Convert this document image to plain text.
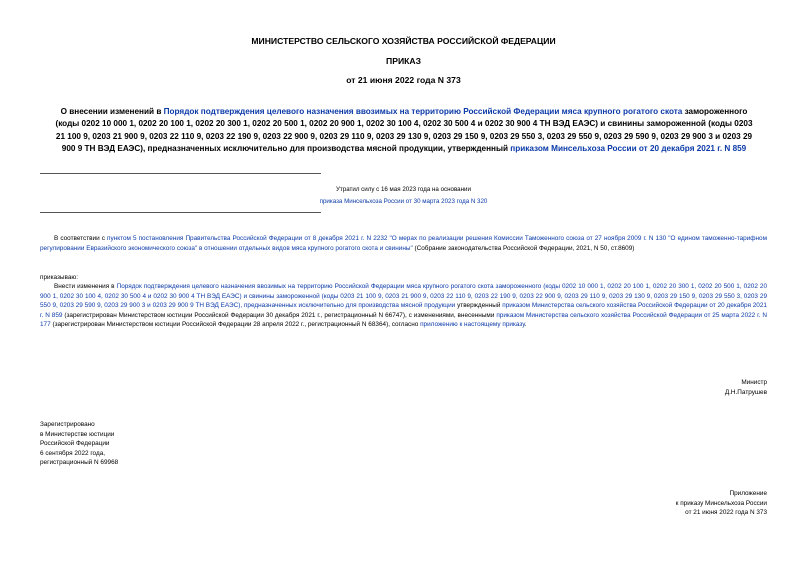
МИНИСТЕРСТВО СЕЛЬСКОГО ХОЗЯЙСТВА РОССИЙСКОЙ ФЕДЕРАЦИИ
ПРИКАЗ
от 21 июня 2022 года N 373
О внесении изменений в Порядок подтверждения целевого назначения ввозимых на территорию Российской Федерации мяса крупного рогатого скота замороженного (коды 0202 10 000 1, 0202 20 100 1, 0202 20 300 1, 0202 20 500 1, 0202 20 900 1, 0202 30 100 4, 0202 30 500 4 и 0202 30 900 4 ТН ВЭД ЕАЭС) и свинины замороженной (коды 0203 21 100 9, 0203 21 900 9, 0203 22 110 9, 0203 22 190 9, 0203 22 900 9, 0203 29 110 9, 0203 29 130 9, 0203 29 150 9, 0203 29 550 3, 0203 29 550 9, 0203 29 590 9, 0203 29 900 3 и 0203 29 900 9 ТН ВЭД ЕАЭС), предназначенных исключительно для производства мясной продукции, утвержденный приказом Минсельхоза России от 20 декабря 2021 г. N 859
Утратил силу с 16 мая 2023 года на основании
приказа Минсельхоза России от 30 марта 2023 года N 320
В соответствии с пунктом 5 постановления Правительства Российской Федерации от 8 декабря 2021 г. N 2232 "О мерах по реализации решения Комиссии Таможенного союза от 27 ноября 2009 г. N 130 "О едином таможенно-тарифном регулировании Евразийского экономического союза" в отношении отдельных видов мяса крупного рогатого скота и свинины" (Собрание законодательства Российской Федерации, 2021, N 50, ст.8609)
приказываю:
Внести изменения в Порядок подтверждения целевого назначения ввозимых на территорию Российской Федерации мяса крупного рогатого скота замороженного (коды 0202 10 000 1, 0202 20 100 1, 0202 20 300 1, 0202 20 500 1, 0202 20 900 1, 0202 30 100 4, 0202 30 500 4 и 0202 30 900 4 ТН ВЭД ЕАЭС) и свинины замороженной (коды 0203 21 100 9, 0203 21 900 9, 0203 22 110 9, 0203 22 190 9, 0203 22 900 9, 0203 29 110 9, 0203 29 130 9, 0203 29 150 9, 0203 29 550 3, 0203 29 550 9, 0203 29 590 9, 0203 29 900 3 и 0203 29 900 9 ТН ВЭД ЕАЭС), предназначенных исключительно для производства мясной продукции утвержденный приказом Министерства сельского хозяйства Российской Федерации от 20 декабря 2021 г. N 859 (зарегистрирован Министерством юстиции Российской Федерации 30 декабря 2021 г., регистрационный N 66747), с изменениями, внесенными приказом Министерства сельского хозяйства Российской Федерации от 25 марта 2022 г. N 177 (зарегистрирован Министерством юстиции Российской Федерации 28 апреля 2022 г., регистрационный N 68364), согласно приложению к настоящему приказу.
Министр
Д.Н.Патрушев
Зарегистрировано
в Министерстве юстиции
Российской Федерации
6 сентября 2022 года,
регистрационный N 69968
Приложение
к приказу Минсельхоза России
от 21 июня 2022 года N 373
